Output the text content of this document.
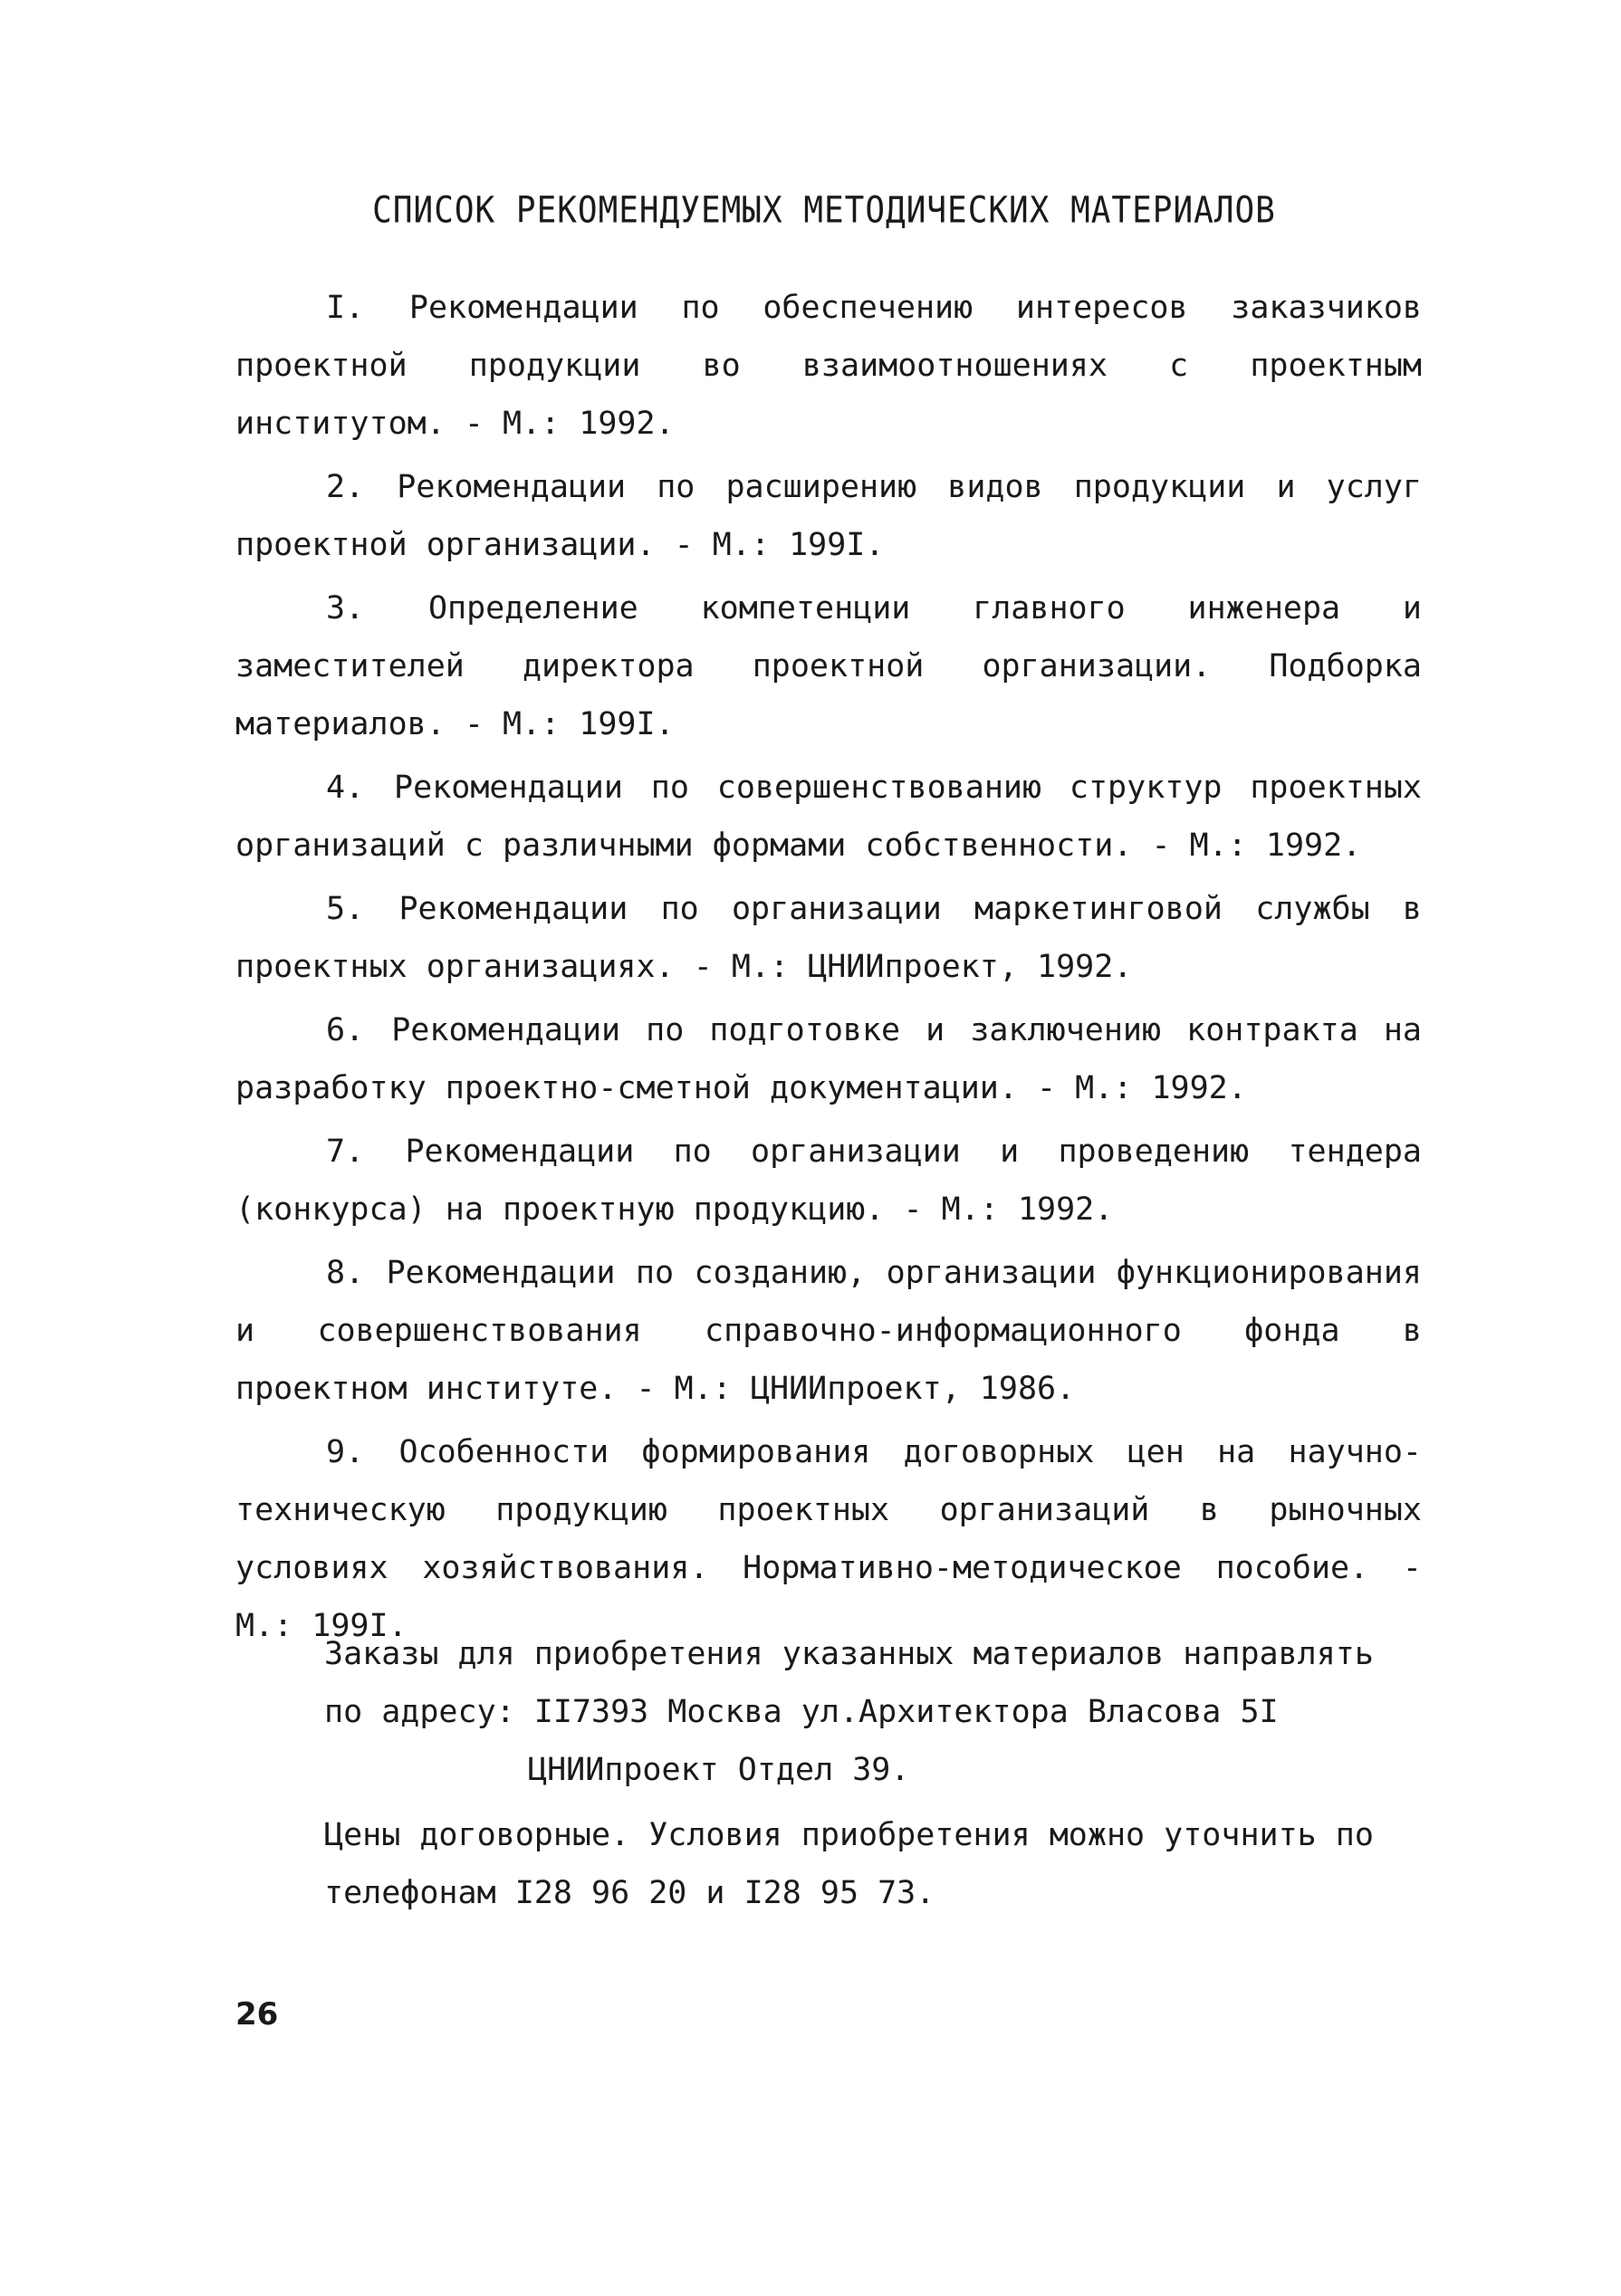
СПИСОК РЕКОМЕНДУЕМЫХ МЕТОДИЧЕСКИХ МАТЕРИАЛОВ
I. Рекомендации по обеспечению интересов заказчиков проектной продукции во взаимоотношениях с проектным институтом. - М.: 1992.
2. Рекомендации по расширению видов продукции и услуг проектной организации. - М.: 199I.
3. Определение компетенции главного инженера и заместителей директора проектной организации. Подборка материалов. - М.: 199I.
4. Рекомендации по совершенствованию структур проектных организаций с различными формами собственности. - М.: 1992.
5. Рекомендации по организации маркетинговой службы в проектных организациях. - М.: ЦНИИпроект, 1992.
6. Рекомендации по подготовке и заключению контракта на разработку проектно-сметной документации. - М.: 1992.
7. Рекомендации по организации и проведению тендера (конкурса) на проектную продукцию. - М.: 1992.
8. Рекомендации по созданию, организации функционирования и совершенствования справочно-информационного фонда в проектном институте. - М.: ЦНИИпроект, 1986.
9. Особенности формирования договорных цен на научно-техническую продукцию проектных организаций в рыночных условиях хозяйствования. Нормативно-методическое пособие. - М.: 199I.
Заказы для приобретения указанных материалов направлять
по адресу: II7393 Москва ул.Архитектора Власова 5I
ЦНИИпроект Отдел 39.
Цены договорные. Условия приобретения можно уточнить по
телефонам I28 96 20 и I28 95 73.
26
